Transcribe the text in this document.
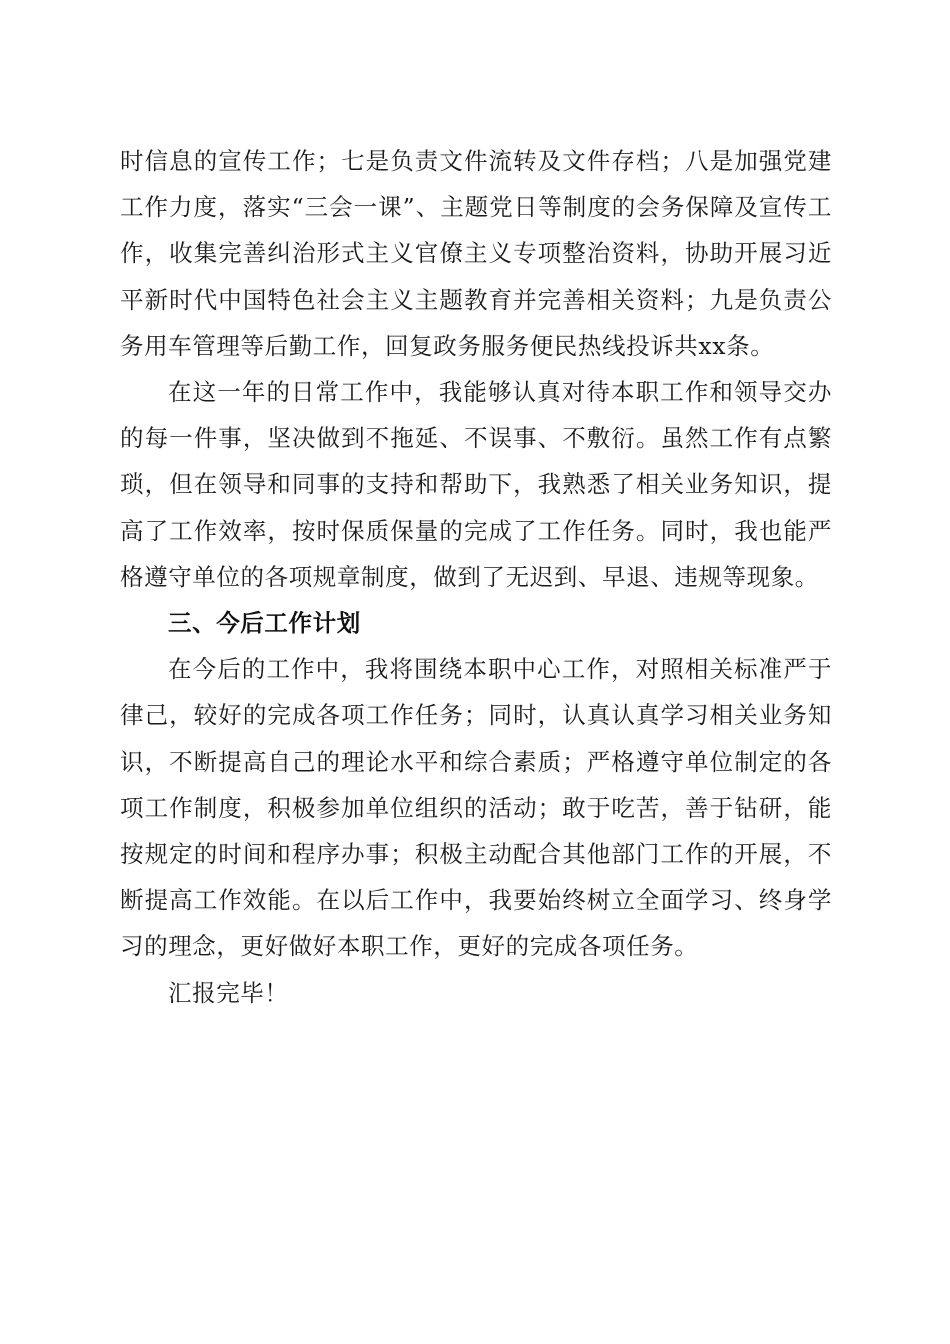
时信息的宣传工作；七是负责文件流转及文件存档；八是加强党建工作力度，落实“三会一课”、主题党日等制度的会务保障及宣传工作，收集完善纠治形式主义官僚主义专项整治资料，协助开展习近平新时代中国特色社会主义主题教育并完善相关资料；九是负责公务用车管理等后勤工作，回复政务服务便民热线投诉共xx条。

在这一年的日常工作中，我能够认真对待本职工作和领导交办的每一件事，坚决做到不拖延、不误事、不敷衍。虽然工作有点繁琐，但在领导和同事的支持和帮助下，我熟悉了相关业务知识，提高了工作效率，按时保质保量的完成了工作任务。同时，我也能严格遵守单位的各项规章制度，做到了无迟到、早退、违规等现象。

三、今后工作计划

在今后的工作中，我将围绕本职中心工作，对照相关标准严于律己，较好的完成各项工作任务；同时，认真认真学习相关业务知识，不断提高自己的理论水平和综合素质；严格遵守单位制定的各项工作制度，积极参加单位组织的活动；敢于吃苦，善于钻研，能按规定的时间和程序办事；积极主动配合其他部门工作的开展，不断提高工作效能。在以后工作中，我要始终树立全面学习、终身学习的理念，更好做好本职工作，更好的完成各项任务。

汇报完毕！
